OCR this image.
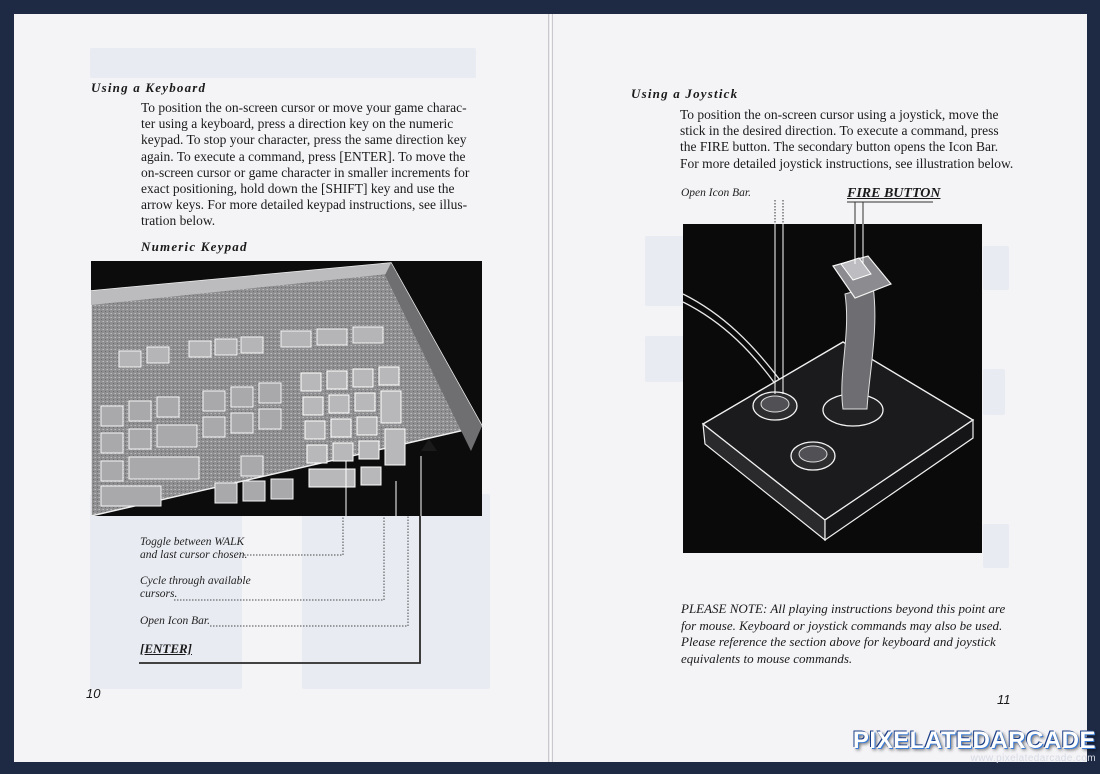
Using a Keyboard

To position the on-screen cursor or move your game charac-
ter using a keyboard, press a direction key on the numeric
keypad. To stop your character, press the same direction key
again. To execute a command, press [ENTER]. To move the
on-screen cursor or game character in smaller increments for
exact positioning, hold down the [SHIFT] key and use the
arrow keys. For more detailed keypad instructions, see illus-
tration below.

Numeric Keypad
Toggle between WALK
and last cursor chosen.
Cycle through available
cursors.
Open Icon Bar.
[ENTER]
10
Using a Joystick

To position the on-screen cursor using a joystick, move the
stick in the desired direction. To execute a command, press
the FIRE button. The secondary button opens the Icon Bar.
For more detailed joystick instructions, see illustration below.

Open Icon Bar.	FIRE BUTTON

PLEASE NOTE: All playing instructions beyond this point are
for mouse. Keyboard or joystick commands may also be used.
Please reference the section above for keyboard and joystick
equivalents to mouse commands.

11
PIXELATEDARCADE
www.pixelatedarcade.com
